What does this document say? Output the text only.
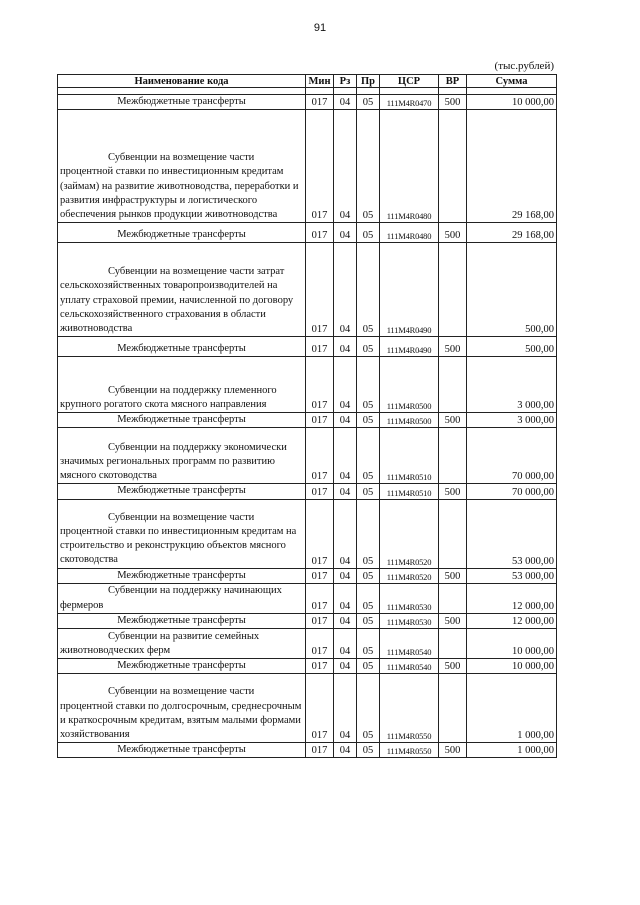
91
(тыс.рублей)
Наименование кода	Мин	Рз	Пр	ЦСР	ВР	Сумма

Межбюджетные трансферты	017	04	05	111M4R0470	500	10 000,00

Субвенции на возмещение части процентной ставки по инвестиционным кредитам (займам) на развитие животноводства, переработки и развития инфраструктуры и логистического обеспечения рынков продукции животноводства	017	04	05	111M4R0480		29 168,00

Межбюджетные трансферты	017	04	05	111M4R0480	500	29 168,00

Субвенции на возмещение части затрат сельскохозяйственных товаропроизводителей на уплату страховой премии, начисленной по договору сельскохозяйственного страхования в области животноводства	017	04	05	111M4R0490		500,00

Межбюджетные трансферты	017	04	05	111M4R0490	500	500,00

Субвенции на поддержку племенного крупного рогатого скота мясного направления	017	04	05	111M4R0500		3 000,00

Межбюджетные трансферты	017	04	05	111M4R0500	500	3 000,00

Субвенции на поддержку экономически значимых региональных программ по развитию мясного скотоводства	017	04	05	111M4R0510		70 000,00

Межбюджетные трансферты	017	04	05	111M4R0510	500	70 000,00

Субвенции на возмещение части процентной ставки по инвестиционным кредитам на строительство и реконструкцию объектов мясного скотоводства	017	04	05	111M4R0520		53 000,00

Межбюджетные трансферты	017	04	05	111M4R0520	500	53 000,00

Субвенции на поддержку начинающих фермеров	017	04	05	111M4R0530		12 000,00

Межбюджетные трансферты	017	04	05	111M4R0530	500	12 000,00

Субвенции на развитие семейных животноводческих ферм	017	04	05	111M4R0540		10 000,00

Межбюджетные трансферты	017	04	05	111M4R0540	500	10 000,00

Субвенции на возмещение части процентной ставки по долгосрочным, среднесрочным и краткосрочным кредитам, взятым малыми формами хозяйствования	017	04	05	111M4R0550		1 000,00

Межбюджетные трансферты	017	04	05	111M4R0550	500	1 000,00
